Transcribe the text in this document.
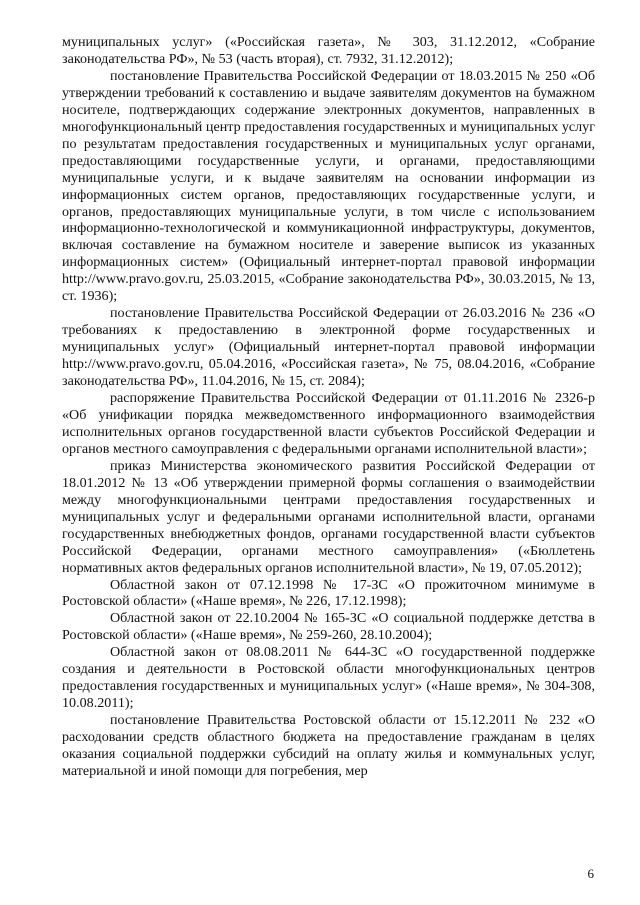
муниципальных услуг» («Российская газета», № 303, 31.12.2012, «Собрание законодательства РФ», № 53 (часть вторая), ст. 7932, 31.12.2012);

постановление Правительства Российской Федерации от 18.03.2015 № 250 «Об утверждении требований к составлению и выдаче заявителям документов на бумажном носителе, подтверждающих содержание электронных документов, направленных в многофункциональный центр предоставления государственных и муниципальных услуг по результатам предоставления государственных и муниципальных услуг органами, предоставляющими государственные услуги, и органами, предоставляющими муниципальные услуги, и к выдаче заявителям на основании информации из информационных систем органов, предоставляющих государственные услуги, и органов, предоставляющих муниципальные услуги, в том числе с использованием информационно-технологической и коммуникационной инфраструктуры, документов, включая составление на бумажном носителе и заверение выписок из указанных информационных систем» (Официальный интернет-портал правовой информации http://www.pravo.gov.ru, 25.03.2015, «Собрание законодательства РФ», 30.03.2015, № 13, ст. 1936);

постановление Правительства Российской Федерации от 26.03.2016 № 236 «О требованиях к предоставлению в электронной форме государственных и муниципальных услуг» (Официальный интернет-портал правовой информации http://www.pravo.gov.ru, 05.04.2016, «Российская газета», № 75, 08.04.2016, «Собрание законодательства РФ», 11.04.2016, № 15, ст. 2084);

распоряжение Правительства Российской Федерации от 01.11.2016 № 2326-р «Об унификации порядка межведомственного информационного взаимодействия исполнительных органов государственной власти субъектов Российской Федерации и органов местного самоуправления с федеральными органами исполнительной власти»;

приказ Министерства экономического развития Российской Федерации от 18.01.2012 № 13 «Об утверждении примерной формы соглашения о взаимодействии между многофункциональными центрами предоставления государственных и муниципальных услуг и федеральными органами исполнительной власти, органами государственных внебюджетных фондов, органами государственной власти субъектов Российской Федерации, органами местного самоуправления» («Бюллетень нормативных актов федеральных органов исполнительной власти», № 19, 07.05.2012);

Областной закон от 07.12.1998 № 17-ЗС «О прожиточном минимуме в Ростовской области» («Наше время», № 226, 17.12.1998);

Областной закон от 22.10.2004 № 165-ЗС «О социальной поддержке детства в Ростовской области» («Наше время», № 259-260, 28.10.2004);

Областной закон от 08.08.2011 № 644-ЗС «О государственной поддержке создания и деятельности в Ростовской области многофункциональных центров предоставления государственных и муниципальных услуг» («Наше время», № 304-308, 10.08.2011);

постановление Правительства Ростовской области от 15.12.2011 № 232 «О расходовании средств областного бюджета на предоставление гражданам в целях оказания социальной поддержки субсидий на оплату жилья и коммунальных услуг, материальной и иной помощи для погребения, мер

6
